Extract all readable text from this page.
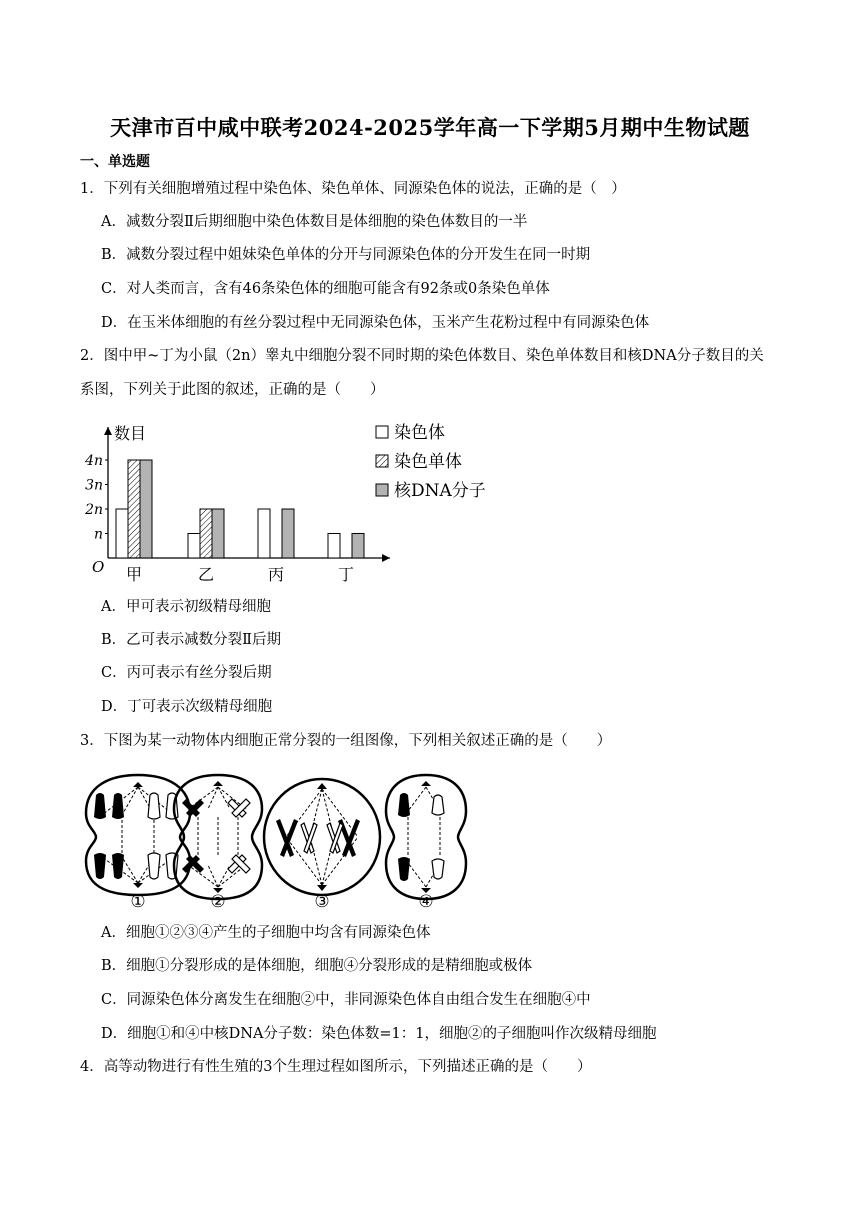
天津市百中咸中联考2024-2025学年高一下学期5月期中生物试题
一、单选题
1．下列有关细胞增殖过程中染色体、染色单体、同源染色体的说法，正确的是（　）
A．减数分裂Ⅱ后期细胞中染色体数目是体细胞的染色体数目的一半
B．减数分裂过程中姐妹染色单体的分开与同源染色体的分开发生在同一时期
C．对人类而言，含有46条染色体的细胞可能含有92条或0条染色单体
D．在玉米体细胞的有丝分裂过程中无同源染色体，玉米产生花粉过程中有同源染色体
2．图中甲~丁为小鼠（2n）睾丸中细胞分裂不同时期的染色体数目、染色单体数目和核DNA分子数目的关
系图，下列关于此图的叙述，正确的是（　　）
数目
O
n
2n
3n
4n
甲	乙	丙	丁
染色体
染色单体
核DNA分子
A．甲可表示初级精母细胞
B．乙可表示减数分裂Ⅱ后期
C．丙可表示有丝分裂后期
D．丁可表示次级精母细胞
3．下图为某一动物体内细胞正常分裂的一组图像，下列相关叙述正确的是（　　）
①	②	③	④
A．细胞①②③④产生的子细胞中均含有同源染色体
B．细胞①分裂形成的是体细胞，细胞④分裂形成的是精细胞或极体
C．同源染色体分离发生在细胞②中，非同源染色体自由组合发生在细胞④中
D．细胞①和④中核DNA分子数：染色体数=1：1，细胞②的子细胞叫作次级精母细胞
4．高等动物进行有性生殖的3个生理过程如图所示，下列描述正确的是（　　）
